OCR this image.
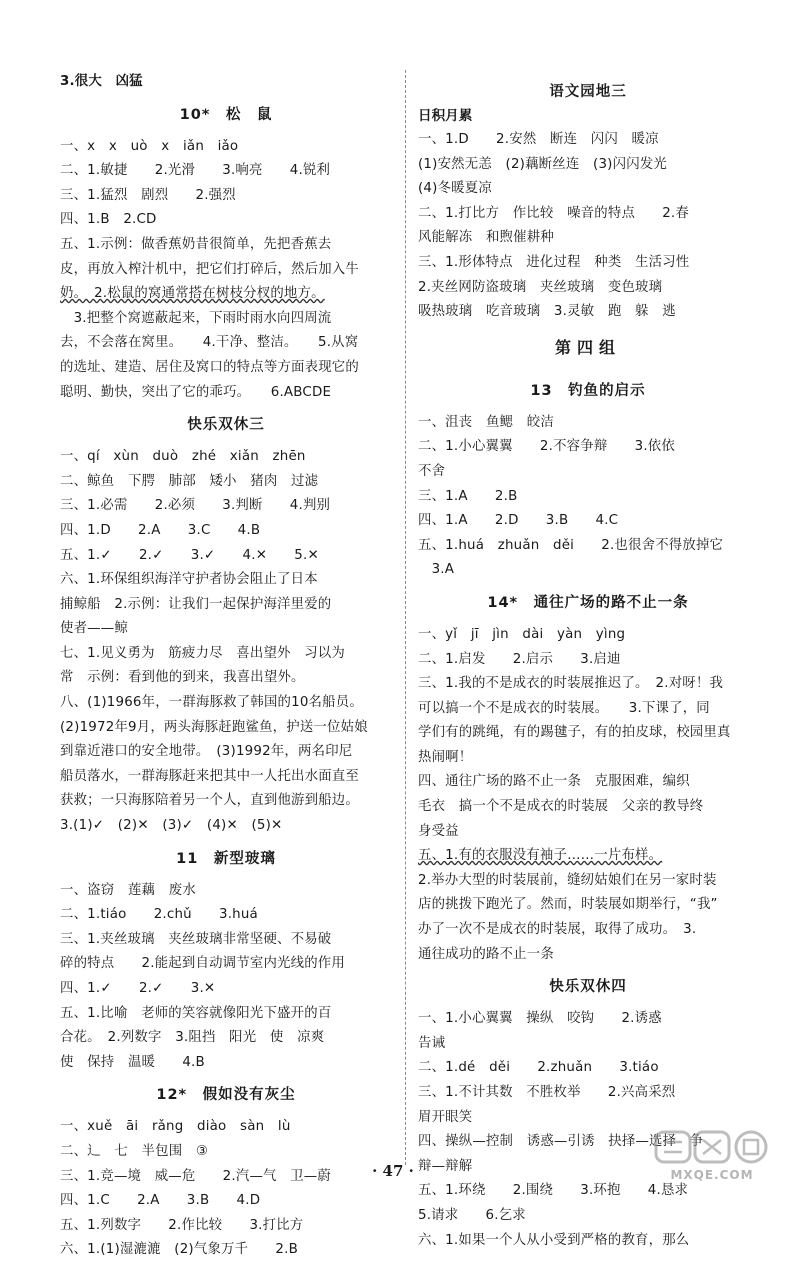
3.很大　凶猛
10*　松　鼠
一、x　x　uò　x　iǎn　iǎo
二、1.敏捷　　2.光滑　　3.响亮　　4.锐利
三、1.猛烈　剧烈　　2.强烈
四、1.B　2.CD
五、1.示例：做香蕉奶昔很简单，先把香蕉去
皮，再放入榨汁机中，把它们打碎后，然后加入牛
奶。　2.松鼠的窝通常搭在树枝分杈的地方。
　3.把整个窝遮蔽起来，下雨时雨水向四周流
去，不会落在窝里。　　4.干净、整洁。　　5.从窝
的选址、建造、居住及窝口的特点等方面表现它的
聪明、勤快，突出了它的乖巧。　　6.ABCDE
快乐双休三
一、qí　xùn　duò　zhé　xiǎn　zhēn
二、鲸鱼　下腭　肺部　矮小　猪肉　过滤
三、1.必需　　2.必须　　3.判断　　4.判别
四、1.D　　2.A　　3.C　　4.B
五、1.✓　　2.✓　　3.✓　　4.✕　　5.✕
六、1.环保组织海洋守护者协会阻止了日本
捕鲸船　2.示例：让我们一起保护海洋里爱的
使者——鲸
七、1.见义勇为　筋疲力尽　喜出望外　习以为
常　示例：看到他的到来，我喜出望外。
八、(1)1966年，一群海豚救了韩国的10名船员。
(2)1972年9月，两头海豚赶跑鲨鱼，护送一位姑娘
到靠近港口的安全地带。　(3)1992年，两名印尼
船员落水，一群海豚赶来把其中一人托出水面直至
获救；一只海豚陪着另一个人，直到他游到船边。
3.(1)✓　(2)✕　(3)✓　(4)✕　(5)✕
11　新型玻璃
一、盗窃　莲藕　废水
二、1.tiáo　　2.chǔ　　3.huá
三、1.夹丝玻璃　夹丝玻璃非常坚硬、不易破
碎的特点　　2.能起到自动调节室内光线的作用
四、1.✓　　2.✓　　3.✕
五、1.比喻　老师的笑容就像阳光下盛开的百
合花。　2.列数字　3.阻挡　阳光　使　凉爽
使　保持　温暖　　4.B
12*　假如没有灰尘
一、xuě　āi　rǎng　diào　sàn　lù
二、辶　七　半包围　③
三、1.竞—境　威—危　　2.汽—气　卫—蔚
四、1.C　　2.A　　3.B　　4.D
五、1.列数字　　2.作比较　　3.打比方
六、1.(1)湿漉漉　(2)气象万千　　2.B
语文园地三
日积月累
一、1.D　　2.安然　断连　闪闪　暖凉
(1)安然无恙　(2)藕断丝连　(3)闪闪发光
(4)冬暖夏凉
二、1.打比方　作比较　噪音的特点　　2.春
风能解冻　和煦催耕种
三、1.形体特点　进化过程　种类　生活习性
2.夹丝网防盗玻璃　夹丝玻璃　变色玻璃
吸热玻璃　吃音玻璃　3.灵敏　跑　躲　逃
第四组
13　钓鱼的启示
一、沮丧　鱼鳃　皎洁
二、1.小心翼翼　　2.不容争辩　　3.依依
不舍
三、1.A　　2.B
四、1.A　　2.D　　3.B　　4.C
五、1.huá　zhuǎn　děi　　2.也很舍不得放掉它
　3.A
14*　通往广场的路不止一条
一、yǐ　jī　jìn　dài　yàn　yìng
二、1.启发　　2.启示　　3.启迪
三、1.我的不是成衣的时装展推迟了。　2.对呀！我
可以搞一个不是成衣的时装展。　　3.下课了，同
学们有的跳绳，有的踢毽子，有的拍皮球，校园里真
热闹啊！
四、通往广场的路不止一条　克服困难，编织
毛衣　搞一个不是成衣的时装展　父亲的教导终
身受益
五、1.有的衣服没有袖子……一片布样。
2.举办大型的时装展前，缝纫姑娘们在另一家时装
店的挑拨下跑光了。然而，时装展如期举行，“我”
办了一次不是成衣的时装展，取得了成功。　3.
通往成功的路不止一条
快乐双休四
一、1.小心翼翼　操纵　咬钩　　2.诱惑
告诫
二、1.dé　děi　　2.zhuǎn　　3.tiáo
三、1.不计其数　不胜枚举　　2.兴高采烈
眉开眼笑
四、操纵—控制　诱惑—引诱　抉择—选择　争
辩—辩解
五、1.环绕　　2.围绕　　3.环抱　　4.恳求
5.请求　　6.乞求
六、1.如果一个人从小受到严格的教育，那么
· 47 ·	MXQE.COM
